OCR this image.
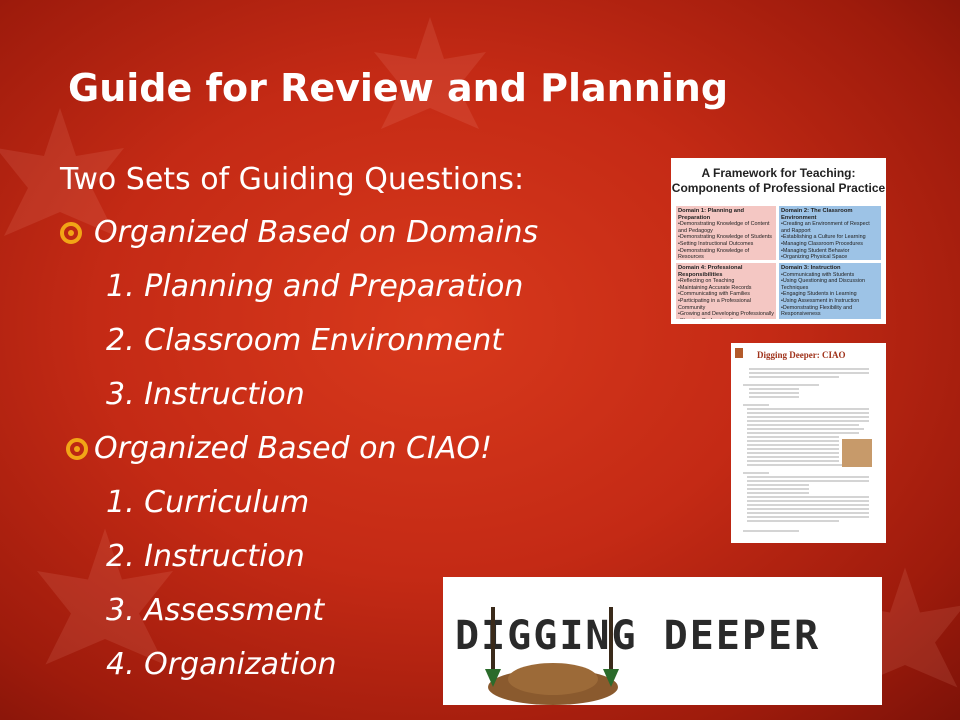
Guide for Review and Planning
Two Sets of Guiding Questions:
Organized Based on Domains
1. Planning and Preparation
2. Classroom Environment
3. Instruction
Organized Based on CIAO!
1. Curriculum
2. Instruction
3. Assessment
4. Organization
A Framework for Teaching:
Components of Professional Practice
Domain 1: Planning and Preparation
•Demonstrating Knowledge of Content and Pedagogy
•Demonstrating Knowledge of Students
•Setting Instructional Outcomes
•Demonstrating Knowledge of Resources

Domain 2: The Classroom Environment
•Creating an Environment of Respect and Rapport
•Establishing a Culture for Learning
•Managing Classroom Procedures
•Managing Student Behavior
•Organizing Physical Space
Domain 4: Professional Responsibilities
•Reflecting on Teaching
•Maintaining Accurate Records
•Communicating with Families
•Participating in a Professional Community
•Growing and Developing Professionally

Domain 3: Instruction
•Communicating with Students
•Using Questioning and Discussion Techniques
•Engaging Students in Learning
•Using Assessment in Instruction
•Demonstrating Flexibility and Responsiveness
Digging Deeper: CIAO
DIGGING DEEPER
